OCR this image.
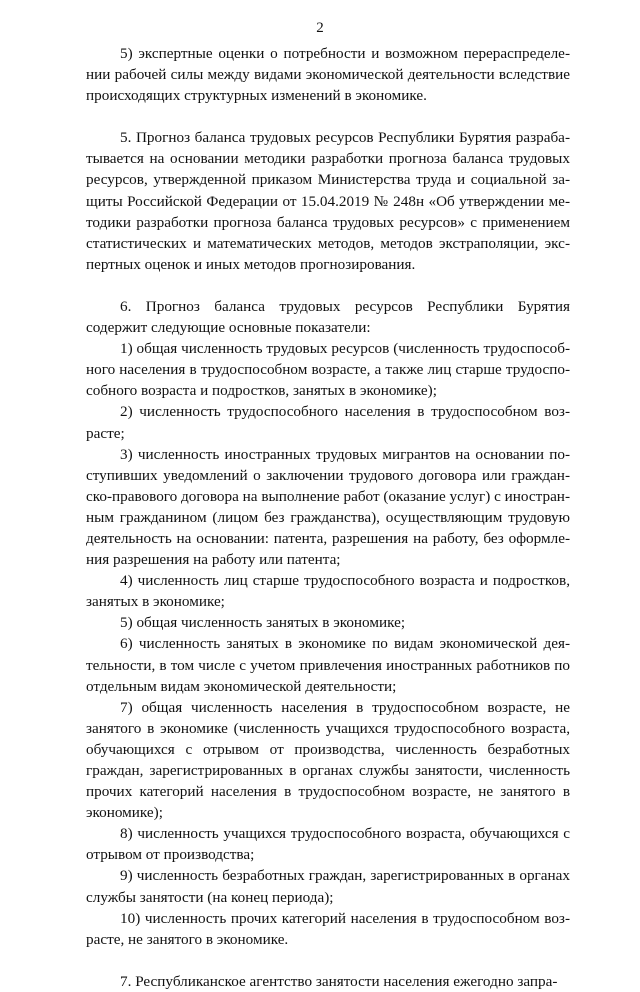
2

5) экспертные оценки о потребности и возможном перераспределении рабочей силы между видами экономической деятельности вследствие происходящих структурных изменений в экономике.

5. Прогноз баланса трудовых ресурсов Республики Бурятия разрабатывается на основании методики разработки прогноза баланса трудовых ресурсов, утвержденной приказом Министерства труда и социальной защиты Российской Федерации от 15.04.2019 № 248н «Об утверждении методики разработки прогноза баланса трудовых ресурсов» с применением статистических и математических методов, методов экстраполяции, экспертных оценок и иных методов прогнозирования.

6. Прогноз баланса трудовых ресурсов Республики Бурятия содержит следующие основные показатели:

1) общая численность трудовых ресурсов (численность трудоспособного населения в трудоспособном возрасте, а также лиц старше трудоспособного возраста и подростков, занятых в экономике);

2) численность трудоспособного населения в трудоспособном возрасте;

3) численность иностранных трудовых мигрантов на основании поступивших уведомлений о заключении трудового договора или гражданско-правового договора на выполнение работ (оказание услуг) с иностранным гражданином (лицом без гражданства), осуществляющим трудовую деятельность на основании: патента, разрешения на работу, без оформления разрешения на работу или патента;

4) численность лиц старше трудоспособного возраста и подростков, занятых в экономике;

5) общая численность занятых в экономике;

6) численность занятых в экономике по видам экономической деятельности, в том числе с учетом привлечения иностранных работников по отдельным видам экономической деятельности;

7) общая численность населения в трудоспособном возрасте, не занятого в экономике (численность учащихся трудоспособного возраста, обучающихся с отрывом от производства, численность безработных граждан, зарегистрированных в органах службы занятости, численность прочих категорий населения в трудоспособном возрасте, не занятого в экономике);

8) численность учащихся трудоспособного возраста, обучающихся с отрывом от производства;

9) численность безработных граждан, зарегистрированных в органах службы занятости (на конец периода);

10) численность прочих категорий населения в трудоспособном возрасте, не занятого в экономике.

7. Республиканское агентство занятости населения ежегодно запра-
